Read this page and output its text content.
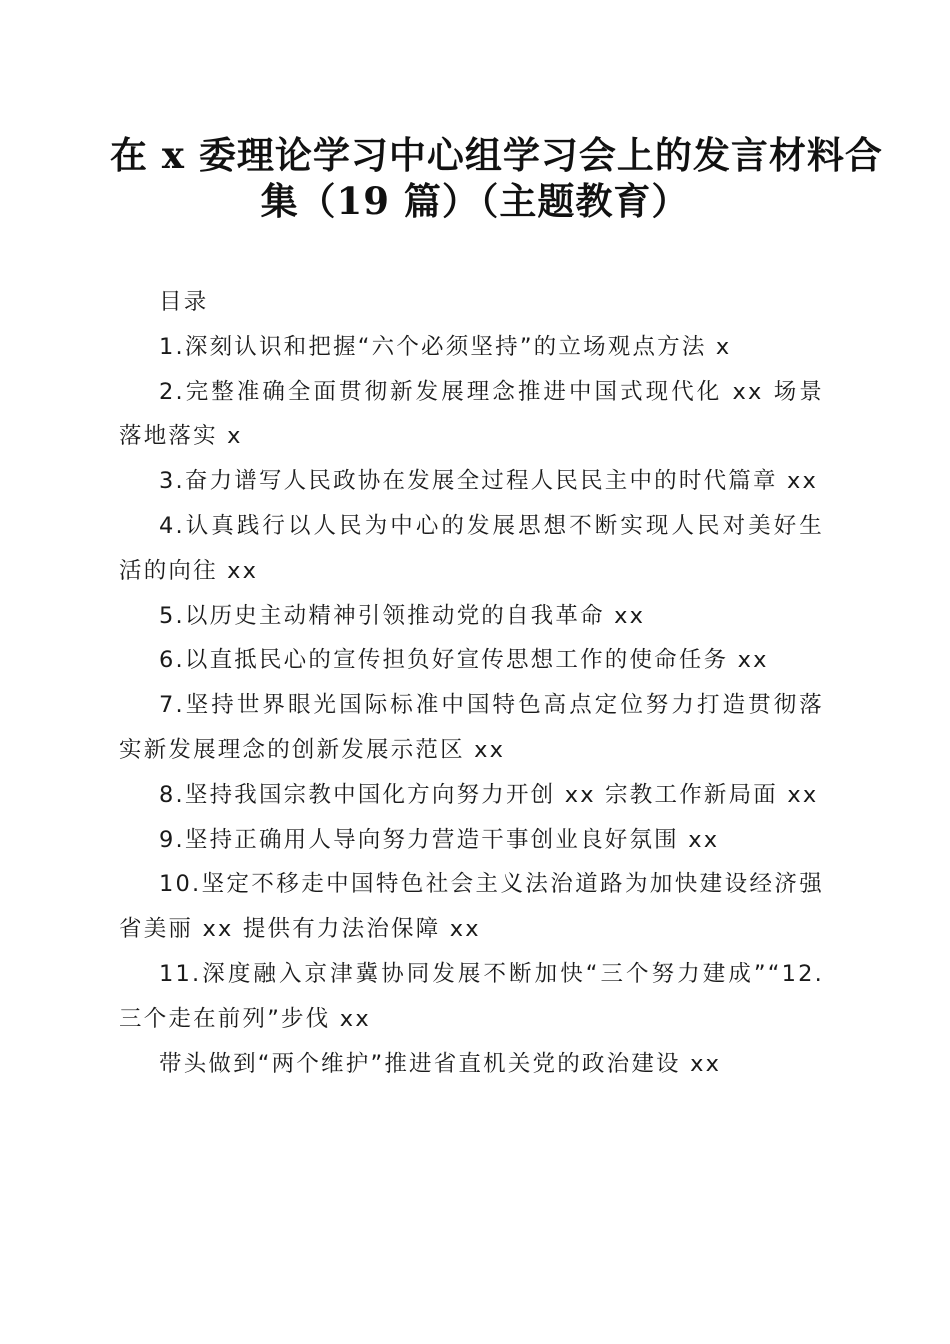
在 x 委理论学习中心组学习会上的发言材料合
集（19 篇）（主题教育）

目录

1.深刻认识和把握“六个必须坚持”的立场观点方法 x

2.完整准确全面贯彻新发展理念推进中国式现代化 xx 场景落地落实 x

3.奋力谱写人民政协在发展全过程人民民主中的时代篇章 xx

4.认真践行以人民为中心的发展思想不断实现人民对美好生活的向往 xx

5.以历史主动精神引领推动党的自我革命 xx

6.以直抵民心的宣传担负好宣传思想工作的使命任务 xx

7.坚持世界眼光国际标准中国特色高点定位努力打造贯彻落实新发展理念的创新发展示范区 xx

8.坚持我国宗教中国化方向努力开创 xx 宗教工作新局面 xx

9.坚持正确用人导向努力营造干事创业良好氛围 xx

10.坚定不移走中国特色社会主义法治道路为加快建设经济强省美丽 xx 提供有力法治保障 xx

11.深度融入京津冀协同发展不断加快“三个努力建成”“12.三个走在前列”步伐 xx

带头做到“两个维护”推进省直机关党的政治建设 xx
